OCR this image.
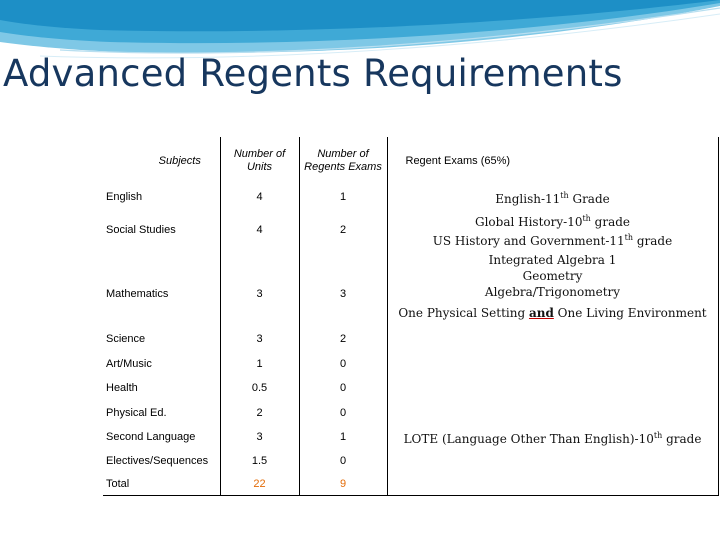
Advanced Regents Requirements
Subjects	Number of Units	Number of Regents Exams	Regent Exams (65%)
English	4	1	English-11th Grade
Social Studies	4	2	Global History-10th grade
US History and Government-11th grade

Mathematics	3	3	Integrated Algebra 1
Geometry
Algebra/Trigonometry
One Physical Setting and One Living Environment

Science	3	2	
Art/Music	1	0	
Health	0.5	0	
Physical Ed.	2	0	
Second Language	3	1	LOTE (Language Other Than English)-10th grade
Electives/Sequences	1.5	0	
Total	22	9	
